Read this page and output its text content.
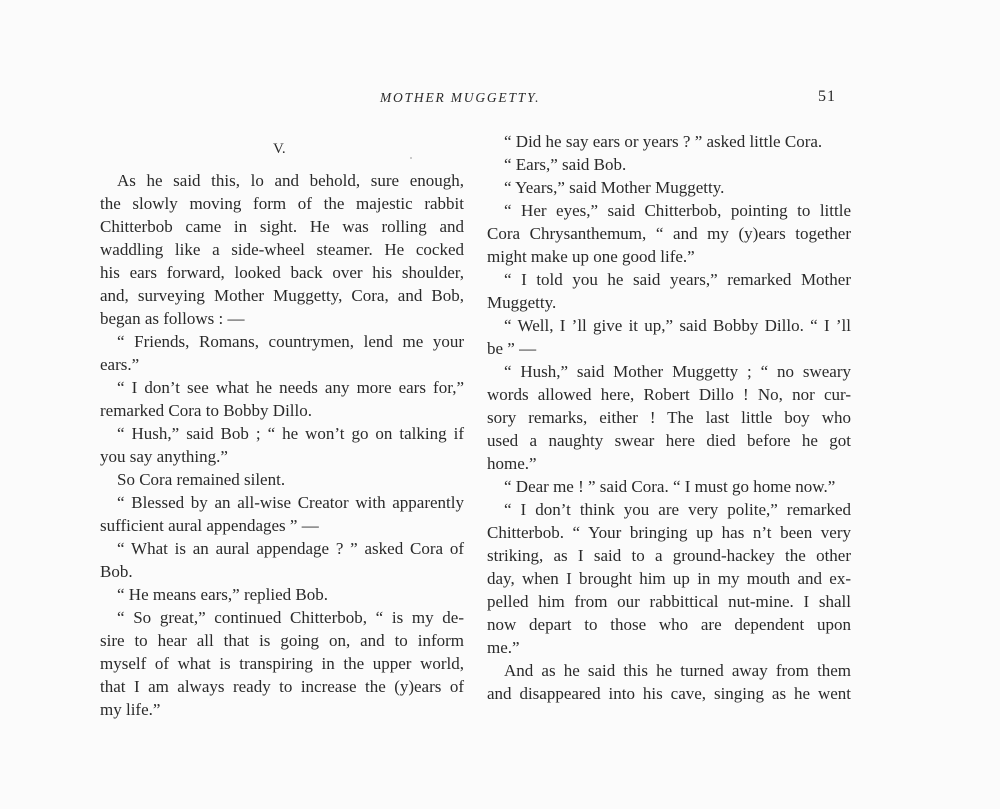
MOTHER MUGGETTY.	51
V.
As he said this, lo and behold, sure enough,
the slowly moving form of the majestic rabbit
Chitterbob came in sight. He was rolling and
waddling like a side-wheel steamer. He cocked
his ears forward, looked back over his shoulder,
and, surveying Mother Muggetty, Cora, and Bob,
began as follows : —
“ Friends, Romans, countrymen, lend me your
ears.”
“ I don’t see what he needs any more ears for,”
remarked Cora to Bobby Dillo.
“ Hush,” said Bob ; “ he won’t go on talking if
you say anything.”
So Cora remained silent.
“ Blessed by an all-wise Creator with apparently
sufficient aural appendages ” —
“ What is an aural appendage ? ” asked Cora of
Bob.
“ He means ears,” replied Bob.
“ So great,” continued Chitterbob, “ is my de-
sire to hear all that is going on, and to inform
myself of what is transpiring in the upper world,
that I am always ready to increase the (y)ears of
my life.”
“ Did he say ears or years ? ” asked little Cora.
“ Ears,” said Bob.
“ Years,” said Mother Muggetty.
“ Her eyes,” said Chitterbob, pointing to little
Cora Chrysanthemum, “ and my (y)ears together
might make up one good life.”
“ I told you he said years,” remarked Mother
Muggetty.
“ Well, I ’ll give it up,” said Bobby Dillo. “ I ’ll
be ” —
“ Hush,” said Mother Muggetty ; “ no sweary
words allowed here, Robert Dillo ! No, nor cur-
sory remarks, either ! The last little boy who
used a naughty swear here died before he got
home.”
“ Dear me ! ” said Cora. “ I must go home now.”
“ I don’t think you are very polite,” remarked
Chitterbob. “ Your bringing up has n’t been very
striking, as I said to a ground-hackey the other
day, when I brought him up in my mouth and ex-
pelled him from our rabbittical nut-mine. I shall
now depart to those who are dependent upon
me.”
And as he said this he turned away from them
and disappeared into his cave, singing as he went
